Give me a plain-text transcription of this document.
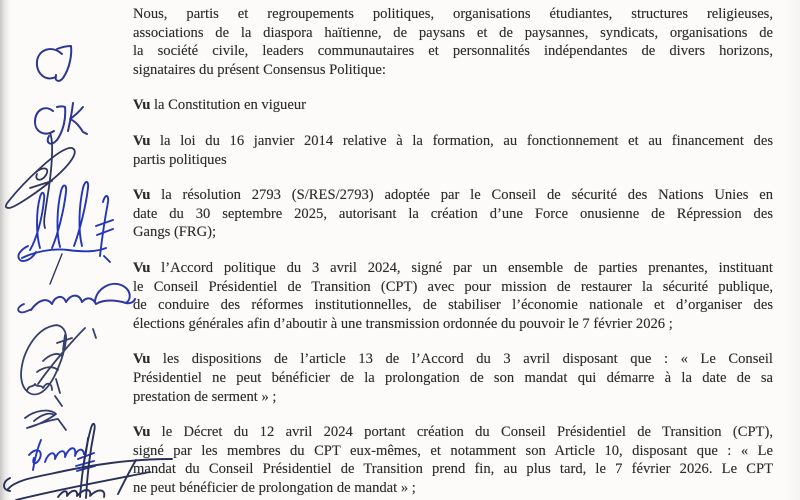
Nous, partis et regroupements politiques, organisations étudiantes, structures religieuses,
associations de la diaspora haïtienne, de paysans et de paysannes, syndicats, organisations de
la société civile, leaders communautaires et personnalités indépendantes de divers horizons,
signataires du présent Consensus Politique:
Vu la Constitution en vigueur
Vu la loi du 16 janvier 2014 relative à la formation, au fonctionnement et au financement des
partis politiques
Vu la résolution 2793 (S/RES/2793) adoptée par le Conseil de sécurité des Nations Unies en
date du 30 septembre 2025, autorisant la création d’une Force onusienne de Répression des
Gangs (FRG);
Vu l’Accord politique du 3 avril 2024, signé par un ensemble de parties prenantes, instituant
le Conseil Présidentiel de Transition (CPT) avec pour mission de restaurer la sécurité publique,
de conduire des réformes institutionnelles, de stabiliser l’économie nationale et d’organiser des
élections générales afin d’aboutir à une transmission ordonnée du pouvoir le 7 février 2026 ;
Vu les dispositions de l’article 13 de l’Accord du 3 avril disposant que : « Le Conseil
Présidentiel ne peut bénéficier de la prolongation de son mandat qui démarre à la date de sa
prestation de serment » ;
Vu le Décret du 12 avril 2024 portant création du Conseil Présidentiel de Transition (CPT),
signé par les membres du CPT eux-mêmes, et notamment son Article 10, disposant que : « Le
mandat du Conseil Présidentiel de Transition prend fin, au plus tard, le 7 février 2026. Le CPT
ne peut bénéficier de prolongation de mandat » ;
